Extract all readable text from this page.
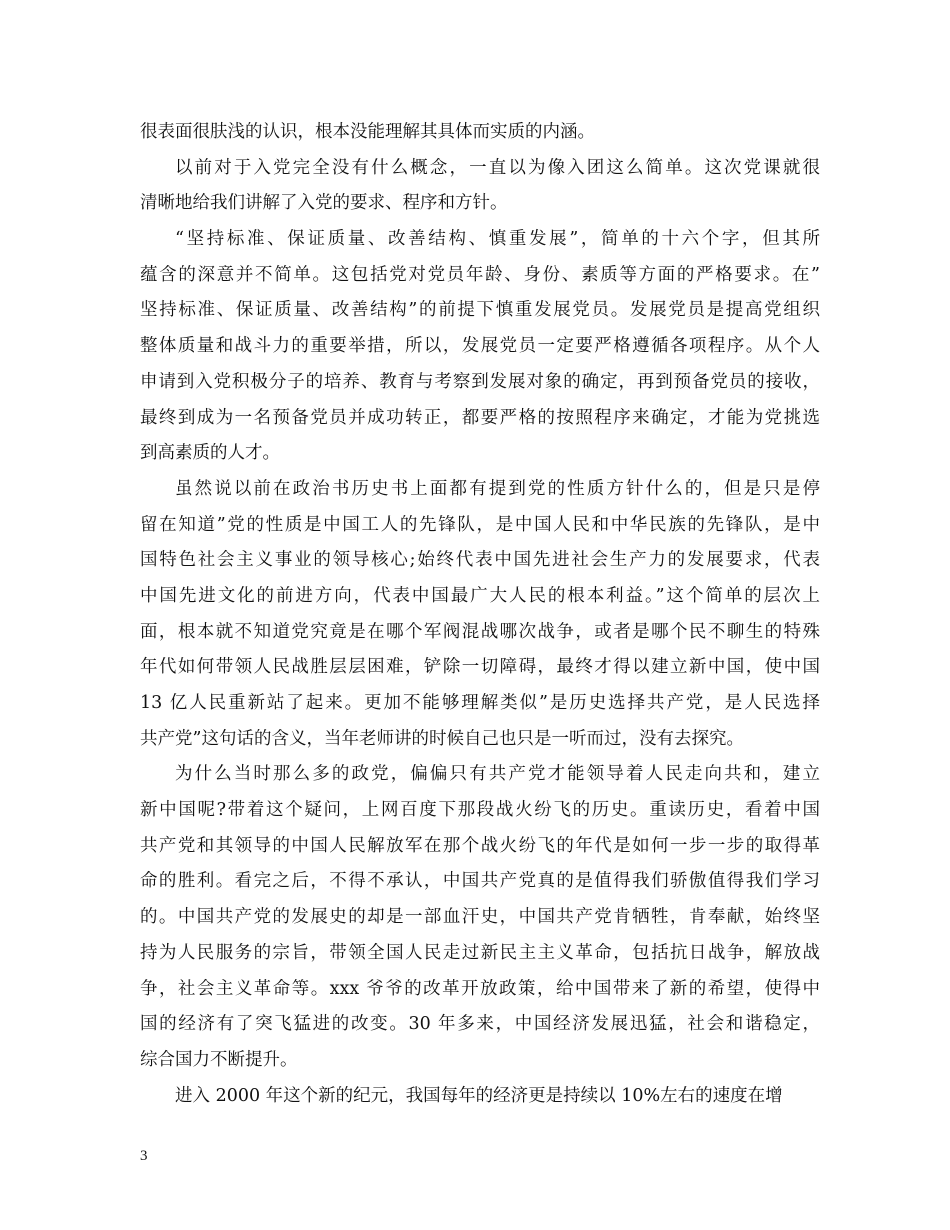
很表面很肤浅的认识，根本没能理解其具体而实质的内涵。
以前对于入党完全没有什么概念，一直以为像入团这么简单。这次党课就很
清晰地给我们讲解了入党的要求、程序和方针。
“坚持标准、保证质量、改善结构、慎重发展”，简单的十六个字，但其所
蕴含的深意并不简单。这包括党对党员年龄、身份、素质等方面的严格要求。在”
坚持标准、保证质量、改善结构”的前提下慎重发展党员。发展党员是提高党组织
整体质量和战斗力的重要举措，所以，发展党员一定要严格遵循各项程序。从个人
申请到入党积极分子的培养、教育与考察到发展对象的确定，再到预备党员的接收，
最终到成为一名预备党员并成功转正，都要严格的按照程序来确定，才能为党挑选
到高素质的人才。
虽然说以前在政治书历史书上面都有提到党的性质方针什么的，但是只是停
留在知道”党的性质是中国工人的先锋队，是中国人民和中华民族的先锋队，是中
国特色社会主义事业的领导核心;始终代表中国先进社会生产力的发展要求，代表
中国先进文化的前进方向，代表中国最广大人民的根本利益。”这个简单的层次上
面，根本就不知道党究竟是在哪个军阀混战哪次战争，或者是哪个民不聊生的特殊
年代如何带领人民战胜层层困难，铲除一切障碍，最终才得以建立新中国，使中国
13 亿人民重新站了起来。更加不能够理解类似”是历史选择共产党，是人民选择
共产党”这句话的含义，当年老师讲的时候自己也只是一听而过，没有去探究。
为什么当时那么多的政党，偏偏只有共产党才能领导着人民走向共和，建立
新中国呢?带着这个疑问，上网百度下那段战火纷飞的历史。重读历史，看着中国
共产党和其领导的中国人民解放军在那个战火纷飞的年代是如何一步一步的取得革
命的胜利。看完之后，不得不承认，中国共产党真的是值得我们骄傲值得我们学习
的。中国共产党的发展史的却是一部血汗史，中国共产党肯牺牲，肯奉献，始终坚
持为人民服务的宗旨，带领全国人民走过新民主主义革命，包括抗日战争，解放战
争，社会主义革命等。xxx 爷爷的改革开放政策，给中国带来了新的希望，使得中
国的经济有了突飞猛进的改变。30 年多来，中国经济发展迅猛，社会和谐稳定，
综合国力不断提升。
进入 2000 年这个新的纪元，我国每年的经济更是持续以 10%左右的速度在增
3
